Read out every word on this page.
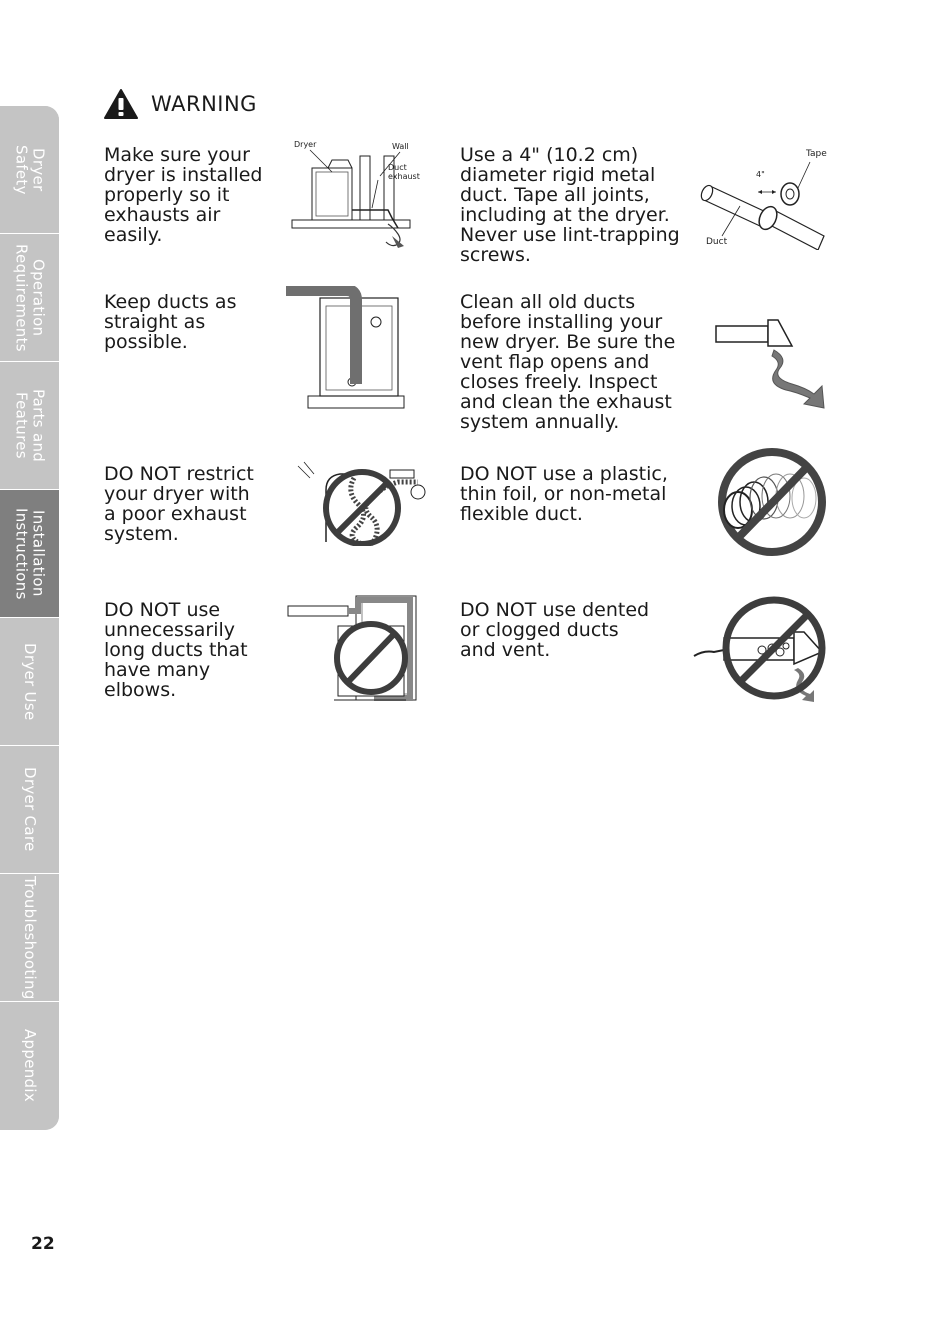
Dryer
Safety
Operation
Requirements
Parts and
Features
Installation
Instructions
Dryer Use
Dryer Care
Troubleshooting
Appendix
WARNING
Make sure your
dryer is installed
properly so it
exhausts air
easily.
Use a 4" (10.2 cm)
diameter rigid metal
duct. Tape all joints,
including at the dryer.
Never use lint-trapping
screws.
Keep ducts as
straight as
possible.
Clean all old ducts
before installing your
new dryer. Be sure the
vent flap opens and
closes freely. Inspect
and clean the exhaust
system annually.
DO NOT restrict
your dryer with
a poor exhaust
system.
DO NOT use a plastic,
thin foil, or non-metal
flexible duct.
DO NOT use
unnecessarily
long ducts that
have many
elbows.
DO NOT use dented
or clogged ducts
and vent.
Dryer	Wall
Duct exhaust
Tape
4"
Duct
22
